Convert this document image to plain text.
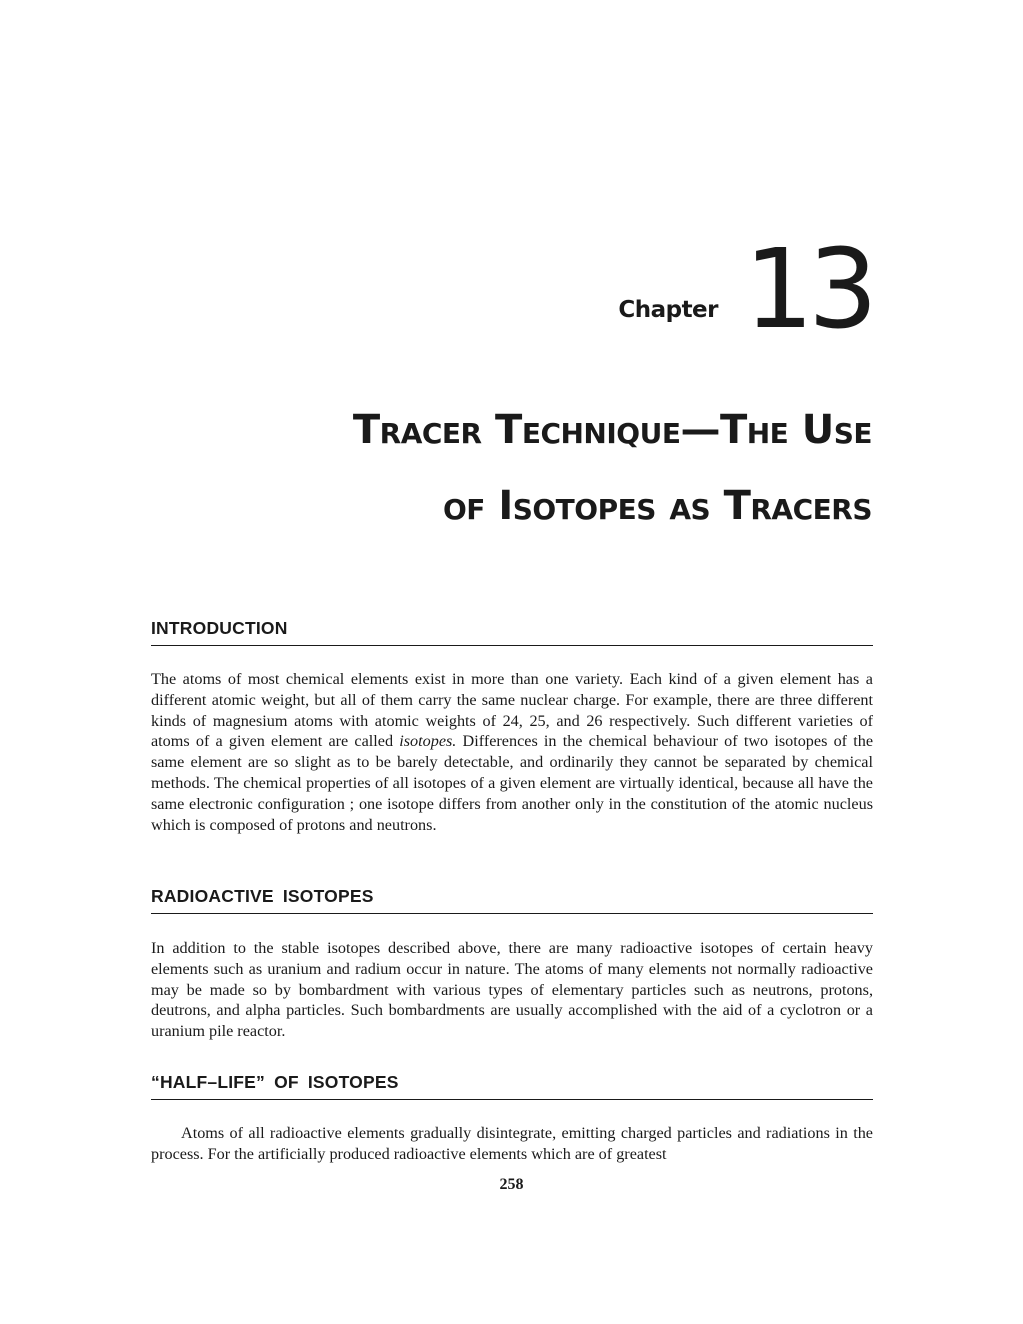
Chapter 13
Tracer Technique—The Use
of Isotopes as Tracers
INTRODUCTION

The atoms of most chemical elements exist in more than one variety. Each kind of a given element has a different atomic weight, but all of them carry the same nuclear charge. For example, there are three different kinds of magnesium atoms with atomic weights of 24, 25, and 26 respectively. Such different varieties of atoms of a given element are called isotopes. Differences in the chemical behaviour of two isotopes of the same element are so slight as to be barely detectable, and ordinarily they cannot be separated by chemical methods. The chemical properties of all isotopes of a given element are virtually identical, because all have the same electronic configuration ; one isotope differs from another only in the constitution of the atomic nucleus which is composed of protons and neutrons.

RADIOACTIVE ISOTOPES

In addition to the stable isotopes described above, there are many radioactive isotopes of certain heavy elements such as uranium and radium occur in nature. The atoms of many elements not normally radioactive may be made so by bombardment with various types of elementary particles such as neutrons, protons, deutrons, and alpha particles. Such bombardments are usually accomplished with the aid of a cyclotron or a uranium pile reactor.

“HALF–LIFE” OF ISOTOPES

Atoms of all radioactive elements gradually disintegrate, emitting charged particles and radiations in the process. For the artificially produced radioactive elements which are of greatest

258
